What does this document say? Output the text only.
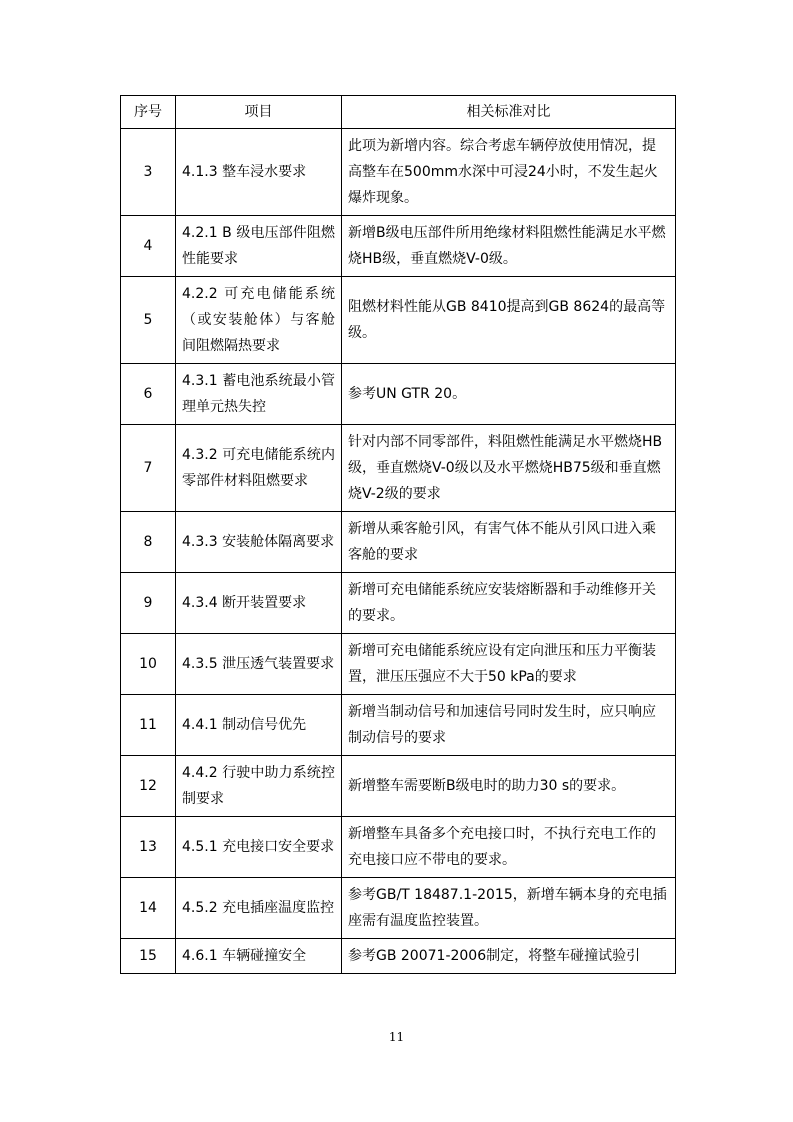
序号	项目	相关标准对比
3	4.1.3 整车浸水要求	此项为新增内容。综合考虑车辆停放使用情况，提高整车在500mm水深中可浸24小时，不发生起火爆炸现象。
4	4.2.1 B 级电压部件阻燃性能要求	新增B级电压部件所用绝缘材料阻燃性能满足水平燃烧HB级，垂直燃烧V-0级。
5	4.2.2 可充电储能系统（或安装舱体）与客舱间阻燃隔热要求	阻燃材料性能从GB 8410提高到GB 8624的最高等级。
6	4.3.1 蓄电池系统最小管理单元热失控	参考UN GTR 20。
7	4.3.2 可充电储能系统内零部件材料阻燃要求	针对内部不同零部件，料阻燃性能满足水平燃烧HB级，垂直燃烧V-0级以及水平燃烧HB75级和垂直燃烧V-2级的要求
8	4.3.3 安装舱体隔离要求	新增从乘客舱引风，有害气体不能从引风口进入乘客舱的要求
9	4.3.4 断开装置要求	新增可充电储能系统应安装熔断器和手动维修开关的要求。
10	4.3.5 泄压透气装置要求	新增可充电储能系统应设有定向泄压和压力平衡装置，泄压压强应不大于50 kPa的要求
11	4.4.1 制动信号优先	新增当制动信号和加速信号同时发生时，应只响应制动信号的要求
12	4.4.2 行驶中助力系统控制要求	新增整车需要断B级电时的助力30 s的要求。
13	4.5.1 充电接口安全要求	新增整车具备多个充电接口时，不执行充电工作的充电接口应不带电的要求。
14	4.5.2 充电插座温度监控	参考GB/T 18487.1-2015，新增车辆本身的充电插座需有温度监控装置。
15	4.6.1 车辆碰撞安全	参考GB 20071-2006制定，将整车碰撞试验引
11
